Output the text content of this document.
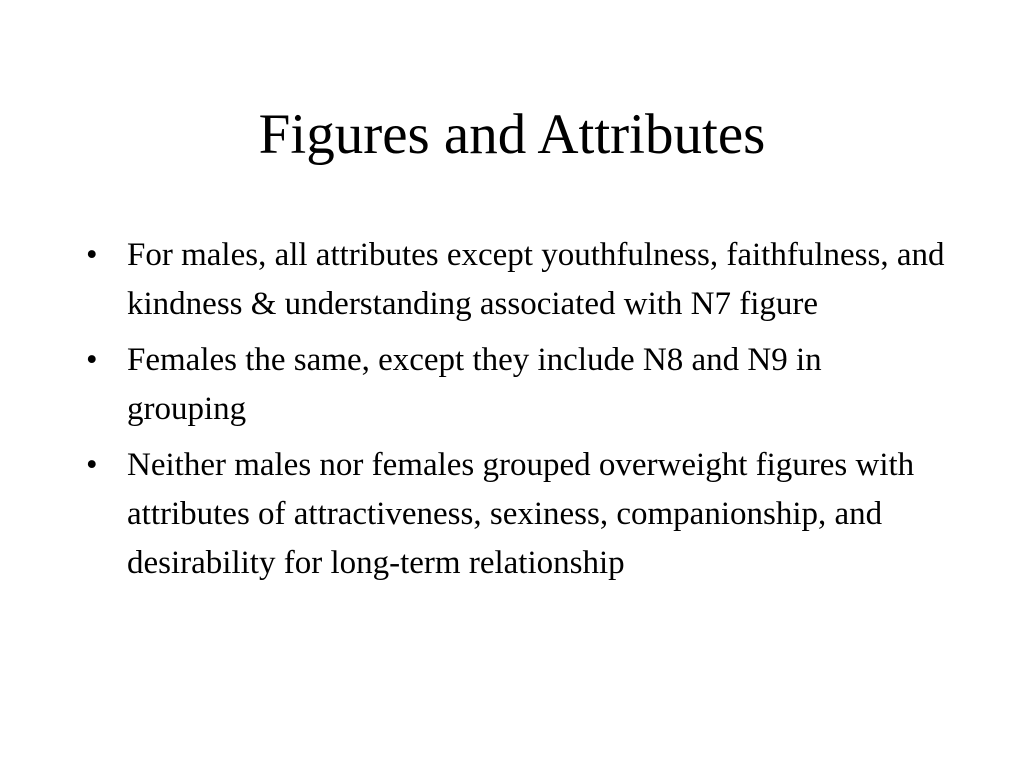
Figures and Attributes
• For males, all attributes except youthfulness, faithfulness, and kindness & understanding associated with N7 figure
• Females the same, except they include N8 and N9 in grouping
• Neither males nor females grouped overweight figures with attributes of attractiveness, sexiness, companionship, and desirability for long-term relationship
